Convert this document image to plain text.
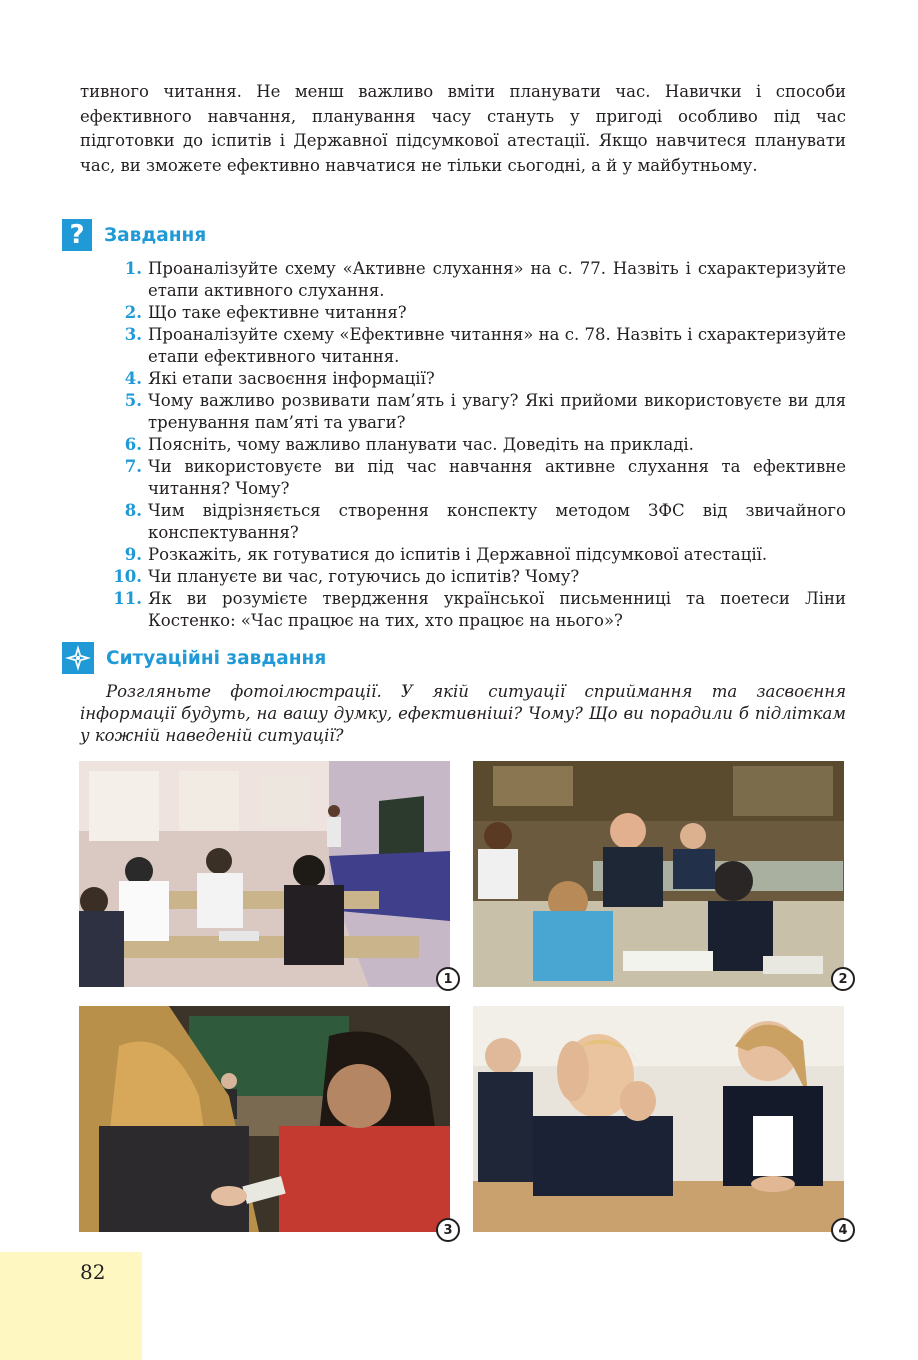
тивного читання. Не менш важливо вміти планувати час. Навички і способи ефективного навчання, планування часу стануть у пригоді особливо під час підготовки до іспитів і Державної підсумкової атестації. Якщо навчитеся планувати час, ви зможете ефективно навчатися не тільки сьогодні, а й у майбутньому.

?	Завдання
1. Проаналізуйте схему «Активне слухання» на с. 77. Назвіть і схарактеризуйте етапи активного слухання.
2. Що таке ефективне читання?
3. Проаналізуйте схему «Ефективне читання» на с. 78. Назвіть і схарактеризуйте етапи ефективного читання.
4. Які етапи засвоєння інформації?
5. Чому важливо розвивати пам’ять і увагу? Які прийоми використовуєте ви для тренування пам’яті та уваги?
6. Поясніть, чому важливо планувати час. Доведіть на прикладі.
7. Чи використовуєте ви під час навчання активне слухання та ефективне читання? Чому?
8. Чим відрізняється створення конспекту методом ЗФС від звичайного конспектування?
9. Розкажіть, як готуватися до іспитів і Державної підсумкової атестації.
10. Чи плануєте ви час, готуючись до іспитів? Чому?
11. Як ви розумієте твердження української письменниці та поетеси Ліни Костенко: «Час працює на тих, хто працює на нього»?
Ситуаційні завдання

Розгляньте фотоілюстрації. У якій ситуації сприймання та засвоєння інформації будуть, на вашу думку, ефективніші? Чому? Що ви порадили б підліткам у кожній наведеній ситуації?

1	2
3	4
82
